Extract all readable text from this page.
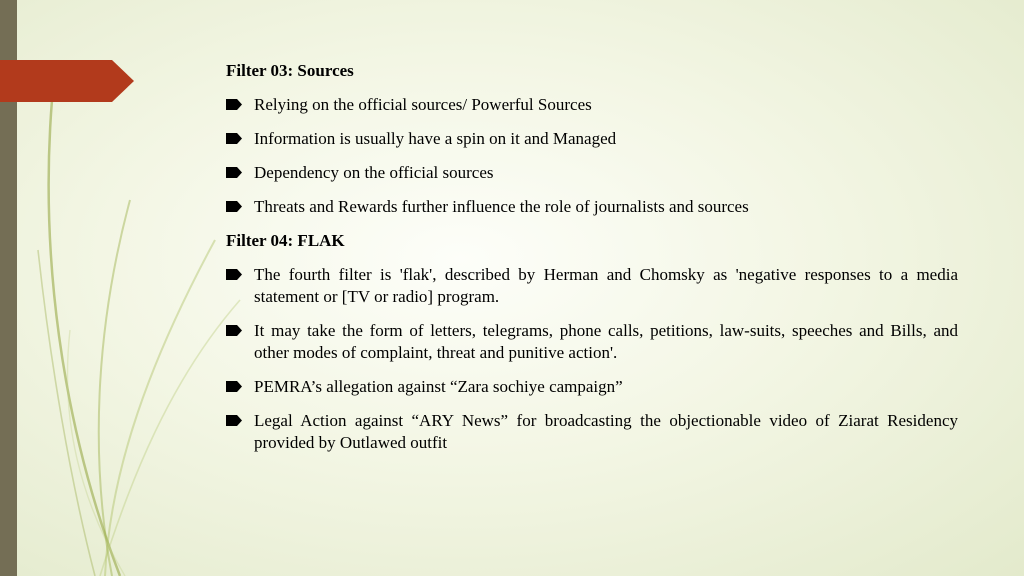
Filter 03: Sources
Relying on the official sources/ Powerful Sources
Information is usually have a spin on it and Managed
Dependency on the official sources
Threats and Rewards further influence the role of journalists and sources
Filter 04: FLAK
The fourth filter is 'flak', described by Herman and Chomsky as 'negative responses to a media statement or [TV or radio] program.
It may take the form of letters, telegrams, phone calls, petitions, law-suits, speeches and Bills, and other modes of complaint, threat and punitive action'.
PEMRA’s allegation against “Zara sochiye campaign”
Legal Action against “ARY News” for broadcasting the objectionable video of Ziarat Residency provided by Outlawed outfit
